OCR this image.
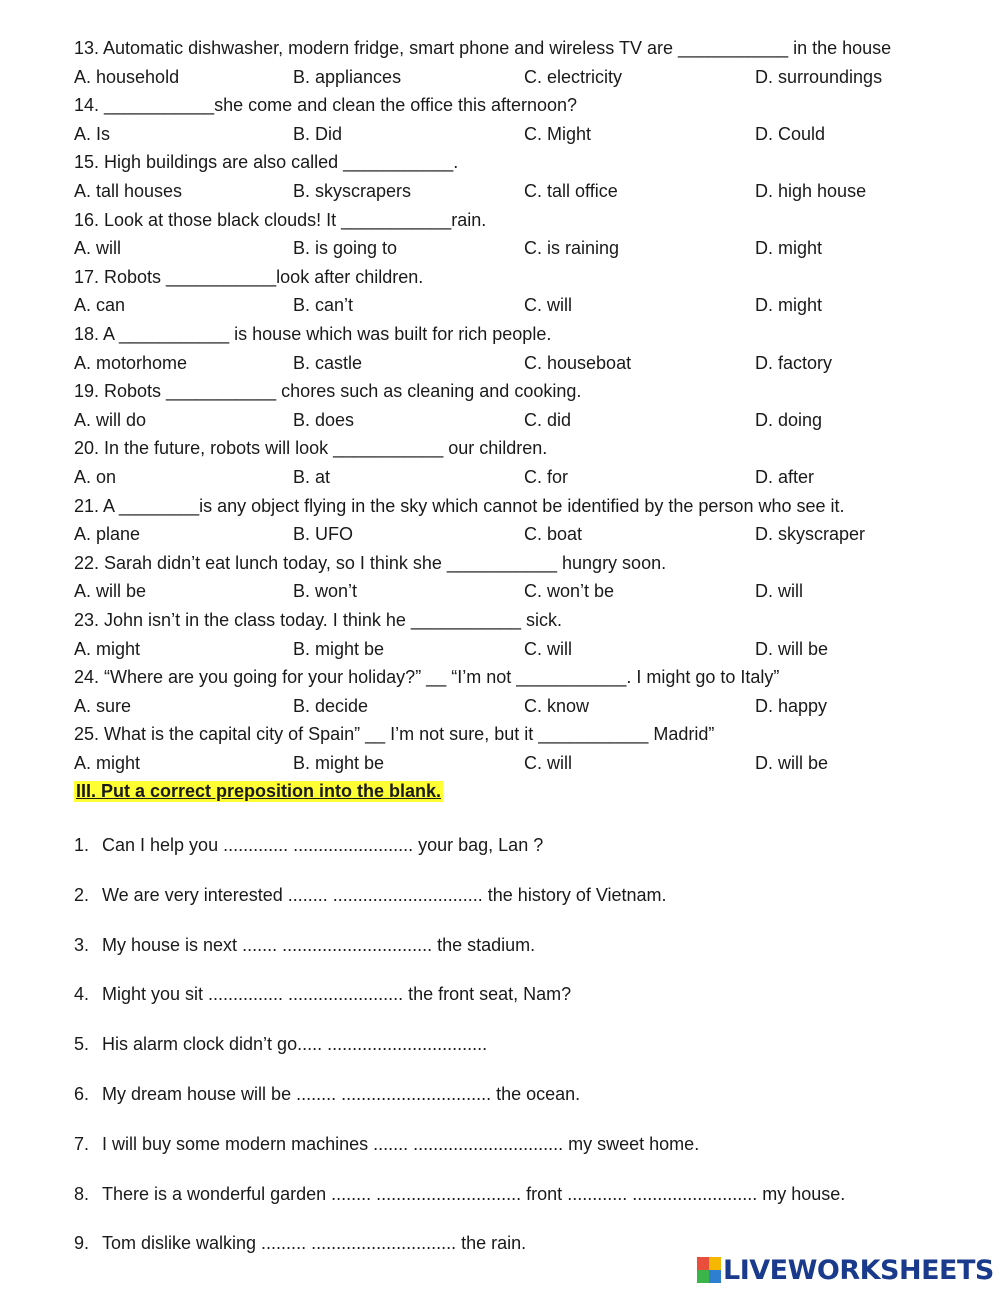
13. Automatic dishwasher, modern fridge, smart phone and wireless TV are ___________ in the house
A. household	B. appliances	C. electricity	D. surroundings
14. ___________she come and clean the office this afternoon?
A. Is	B. Did	C. Might	D. Could
15. High buildings are also called ___________.
A. tall houses	B. skyscrapers	C. tall office	D. high house
16. Look at those black clouds! It ___________rain.
A. will	B. is going to	C. is raining	D. might
17. Robots ___________look after children.
A. can	B. can’t	C. will	D. might
18. A ___________ is house which was built for rich people.
A. motorhome	B. castle	C. houseboat	D. factory
19. Robots ___________ chores such as cleaning and cooking.
A. will do	B. does	C. did	D. doing
20. In the future, robots will look ___________ our children.
A. on	B. at	C. for	D. after
21. A ________is any object flying in the sky which cannot be identified by the person who see it.
A. plane	B. UFO	C. boat	D. skyscraper
22. Sarah didn’t eat lunch today, so I think she ___________ hungry soon.
A. will be	B. won’t	C. won’t be	D. will
23. John isn’t in the class today. I think he ___________ sick.
A. might	B. might be	C. will	D. will be
24. “Where are you going for your holiday?” __ “I’m not ___________. I might go to Italy”
A. sure	B. decide	C. know	D. happy
25. What is the capital city of Spain” __ I’m not sure, but it ___________ Madrid”
A. might	B. might be	C. will	D. will be
III. Put a correct preposition into the blank.
1. Can I help you ............. ........................ your bag, Lan ?
2. We are very interested ........ .............................. the history of Vietnam.
3. My house is next ....... .............................. the stadium.
4. Might you sit ............... ....................... the front seat, Nam?
5. His alarm clock didn’t go..... ................................
6. My dream house will be ........ .............................. the ocean.
7. I will buy some modern machines ....... .............................. my sweet home.
8. There is a wonderful garden ........ ............................. front ............ ......................... my house.
9. Tom dislike walking ......... ............................. the rain.
LIVEWORKSHEETS
